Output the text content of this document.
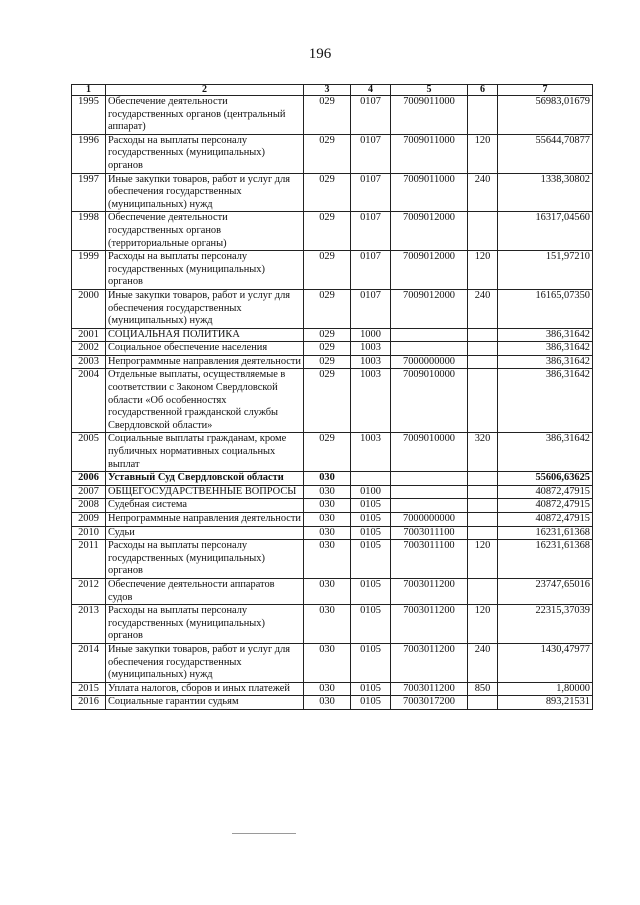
196
1	2	3	4	5	6	7
1995	Обеспечение деятельности государственных органов (центральный аппарат)	029	0107	7009011000		56983,01679
1996	Расходы на выплаты персоналу государственных (муниципальных) органов	029	0107	7009011000	120	55644,70877
1997	Иные закупки товаров, работ и услуг для обеспечения государственных (муниципальных) нужд	029	0107	7009011000	240	1338,30802
1998	Обеспечение деятельности государственных органов (территориальные органы)	029	0107	7009012000		16317,04560
1999	Расходы на выплаты персоналу государственных (муниципальных) органов	029	0107	7009012000	120	151,97210
2000	Иные закупки товаров, работ и услуг для обеспечения государственных (муниципальных) нужд	029	0107	7009012000	240	16165,07350
2001	СОЦИАЛЬНАЯ ПОЛИТИКА	029	1000			386,31642
2002	Социальное обеспечение населения	029	1003			386,31642
2003	Непрограммные направления деятельности	029	1003	7000000000		386,31642
2004	Отдельные выплаты, осуществляемые в соответствии с Законом Свердловской области «Об особенностях государственной гражданской службы Свердловской области»	029	1003	7009010000		386,31642
2005	Социальные выплаты гражданам, кроме публичных нормативных социальных выплат	029	1003	7009010000	320	386,31642
2006	Уставный Суд Свердловской области	030				55606,63625
2007	ОБЩЕГОСУДАРСТВЕННЫЕ ВОПРОСЫ	030	0100			40872,47915
2008	Судебная система	030	0105			40872,47915
2009	Непрограммные направления деятельности	030	0105	7000000000		40872,47915
2010	Судьи	030	0105	7003011100		16231,61368
2011	Расходы на выплаты персоналу государственных (муниципальных) органов	030	0105	7003011100	120	16231,61368
2012	Обеспечение деятельности аппаратов судов	030	0105	7003011200		23747,65016
2013	Расходы на выплаты персоналу государственных (муниципальных) органов	030	0105	7003011200	120	22315,37039
2014	Иные закупки товаров, работ и услуг для обеспечения государственных (муниципальных) нужд	030	0105	7003011200	240	1430,47977
2015	Уплата налогов, сборов и иных платежей	030	0105	7003011200	850	1,80000
2016	Социальные гарантии судьям	030	0105	7003017200		893,21531
